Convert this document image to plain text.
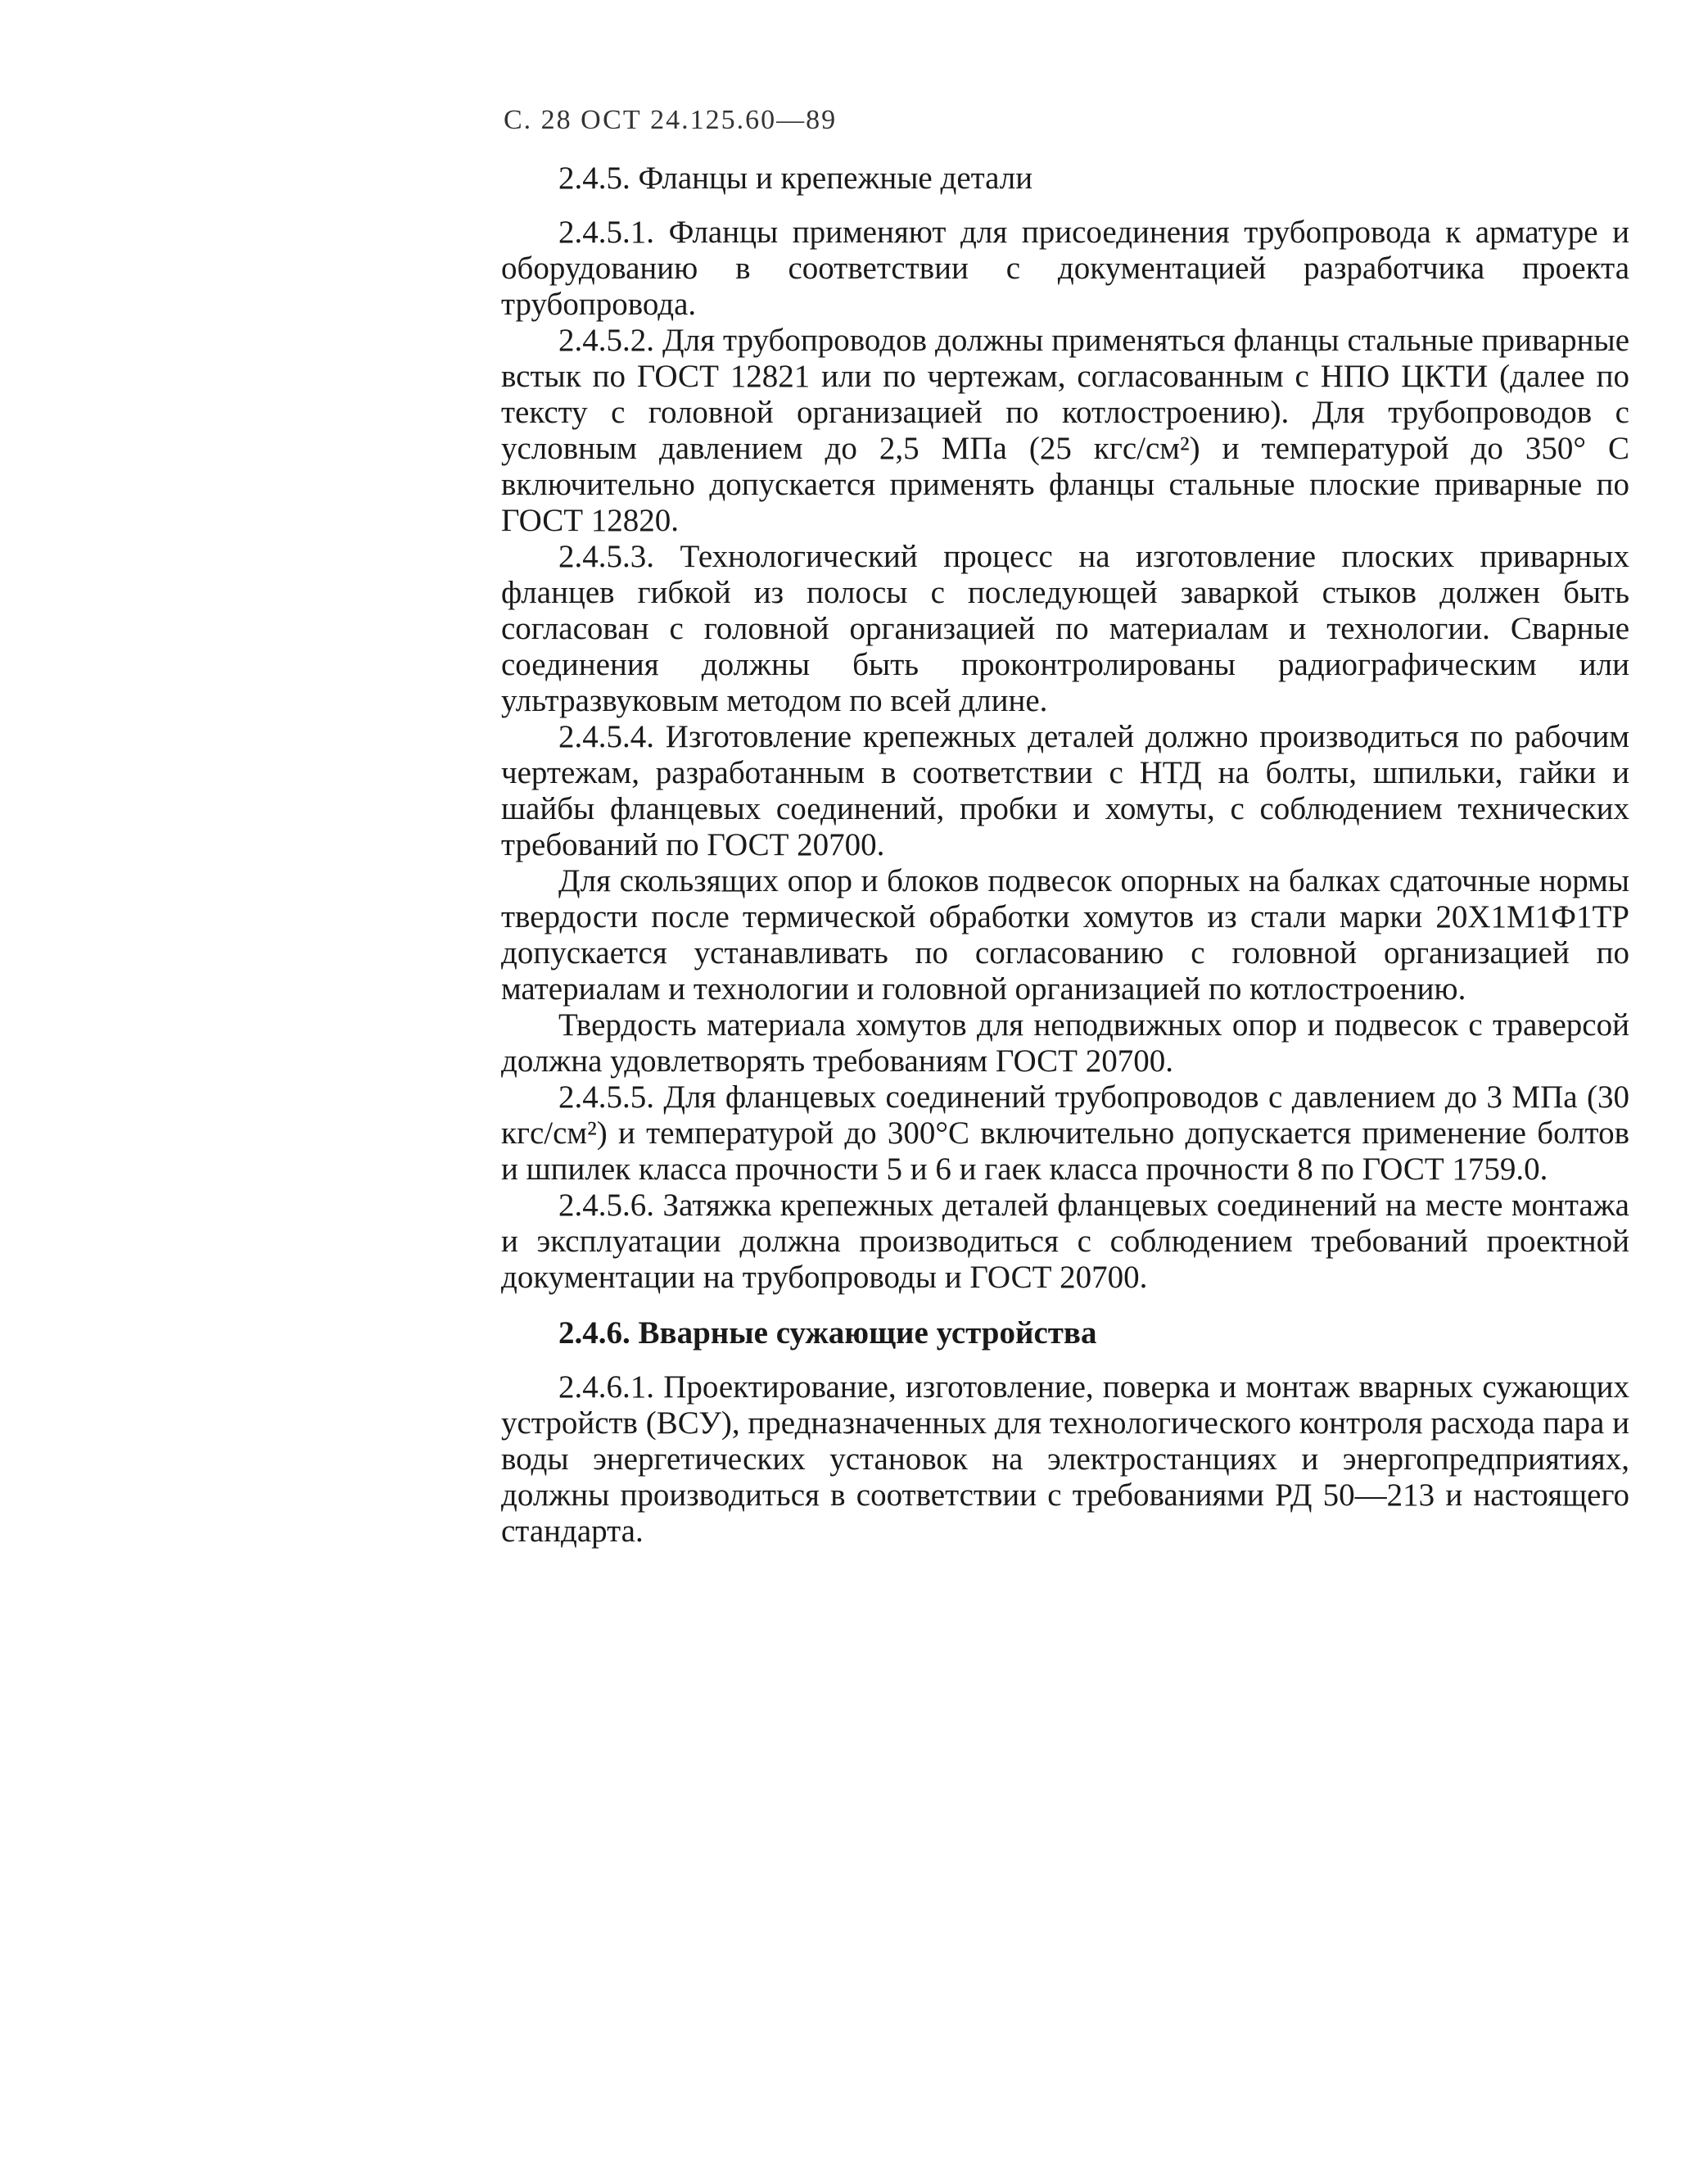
С. 28 ОСТ 24.125.60—89
2.4.5. Фланцы и крепежные детали

2.4.5.1. Фланцы применяют для присоединения трубопровода к арматуре и оборудованию в соответствии с документацией разработчика проекта трубопровода.

2.4.5.2. Для трубопроводов должны применяться фланцы стальные приварные встык по ГОСТ 12821 или по чертежам, согласованным с НПО ЦКТИ (далее по тексту с головной организацией по котлостроению). Для трубопроводов с условным давлением до 2,5 МПа (25 кгс/см²) и температурой до 350° С включительно допускается применять фланцы стальные плоские приварные по ГОСТ 12820.

2.4.5.3. Технологический процесс на изготовление плоских приварных фланцев гибкой из полосы с последующей заваркой стыков должен быть согласован с головной организацией по материалам и технологии. Сварные соединения должны быть проконтролированы радиографическим или ультразвуковым методом по всей длине.

2.4.5.4. Изготовление крепежных деталей должно производиться по рабочим чертежам, разработанным в соответствии с НТД на болты, шпильки, гайки и шайбы фланцевых соединений, пробки и хомуты, с соблюдением технических требований по ГОСТ 20700.

Для скользящих опор и блоков подвесок опорных на балках сдаточные нормы твердости после термической обработки хомутов из стали марки 20Х1М1Ф1ТР допускается устанавливать по согласованию с головной организацией по материалам и технологии и головной организацией по котлостроению.

Твердость материала хомутов для неподвижных опор и подвесок с траверсой должна удовлетворять требованиям ГОСТ 20700.

2.4.5.5. Для фланцевых соединений трубопроводов с давлением до 3 МПа (30 кгс/см²) и температурой до 300°С включительно допускается применение болтов и шпилек класса прочности 5 и 6 и гаек класса прочности 8 по ГОСТ 1759.0.

2.4.5.6. Затяжка крепежных деталей фланцевых соединений на месте монтажа и эксплуатации должна производиться с соблюдением требований проектной документации на трубопроводы и ГОСТ 20700.

2.4.6. Вварные сужающие устройства

2.4.6.1. Проектирование, изготовление, поверка и монтаж вварных сужающих устройств (ВСУ), предназначенных для технологического контроля расхода пара и воды энергетических установок на электростанциях и энергопредприятиях, должны производиться в соответствии с требованиями РД 50—213 и настоящего стандарта.
